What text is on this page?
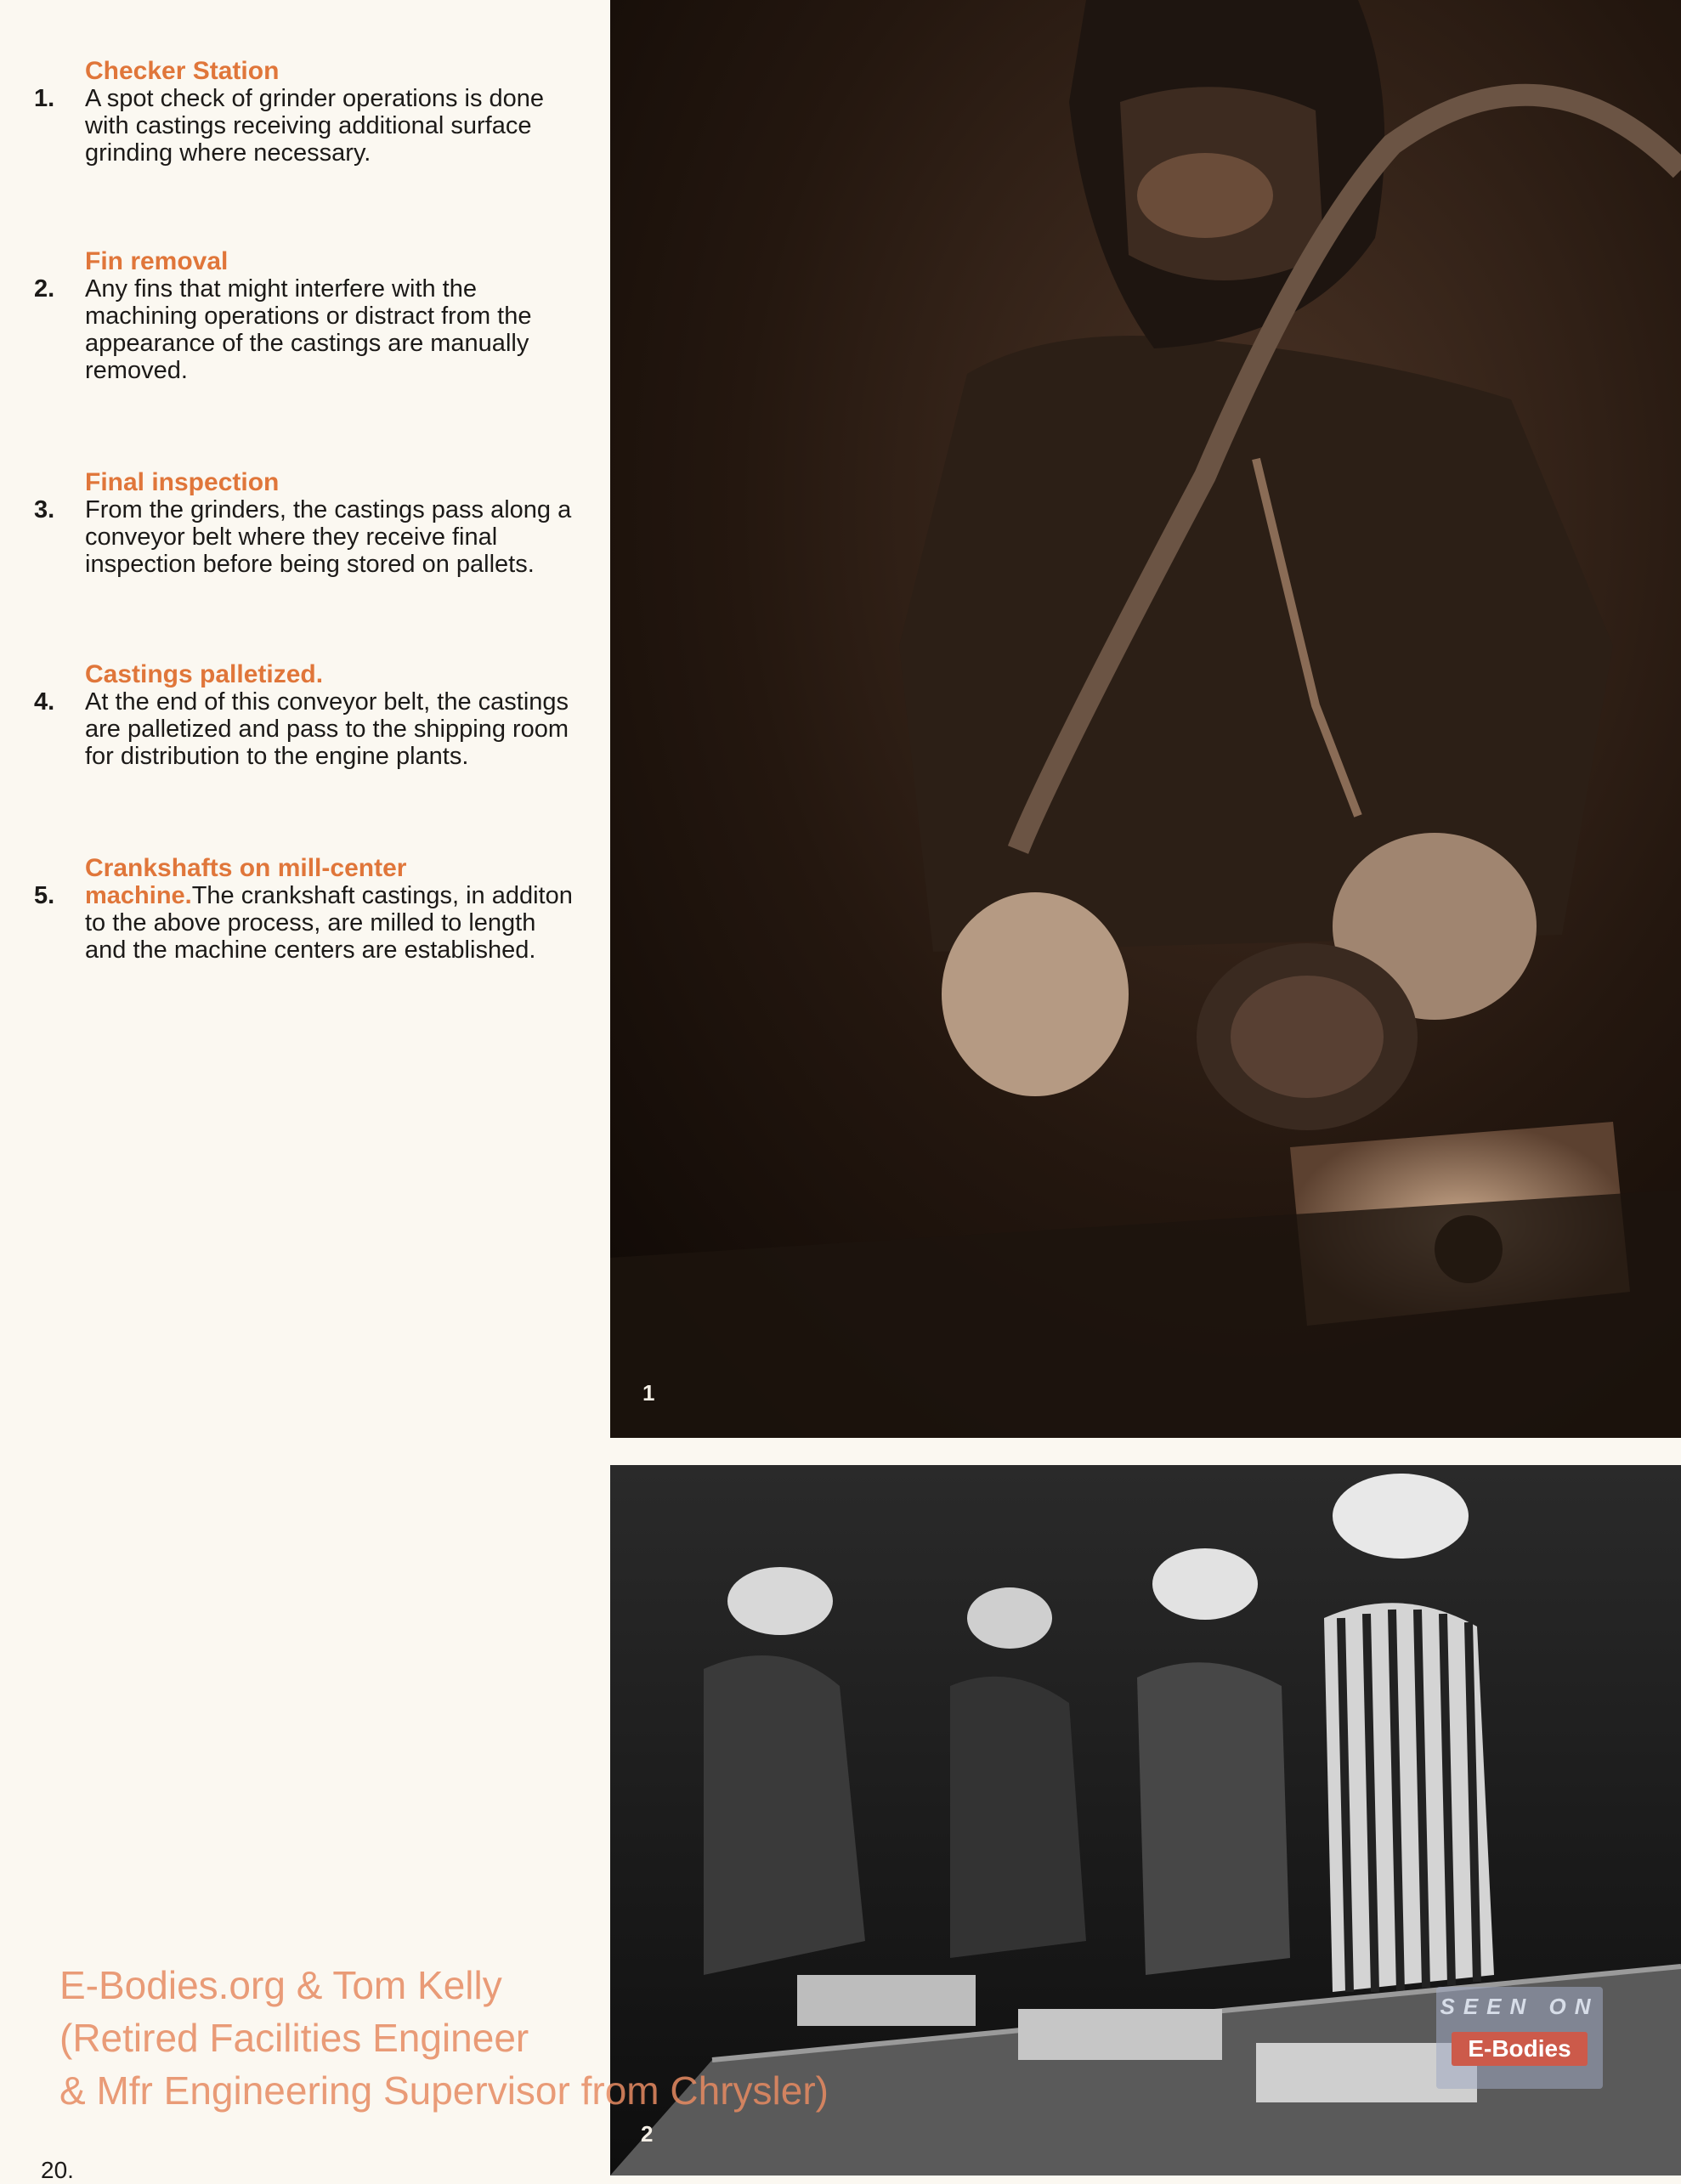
Checker Station
1.	A spot check of grinder operations is done with castings receiving additional surface grinding where necessary.
Fin removal
2.	Any fins that might interfere with the machining operations or distract from the appearance of the castings are manually removed.
Final inspection
3.	From the grinders, the castings pass along a conveyor belt where they receive final inspection before being stored on pallets.
Castings palletized.
4.	At the end of this conveyor belt, the castings are palletized and pass to the shipping room for distribution to the engine plants.
Crankshafts on mill-center
5.	machine.The crankshaft castings, in additon to the above process, are milled to length and the machine centers are established.
1
2
SEEN ON
E-Bodies
E-Bodies.org & Tom Kelly
(Retired Facilities Engineer
& Mfr Engineering Supervisor from Chrysler)
20.
